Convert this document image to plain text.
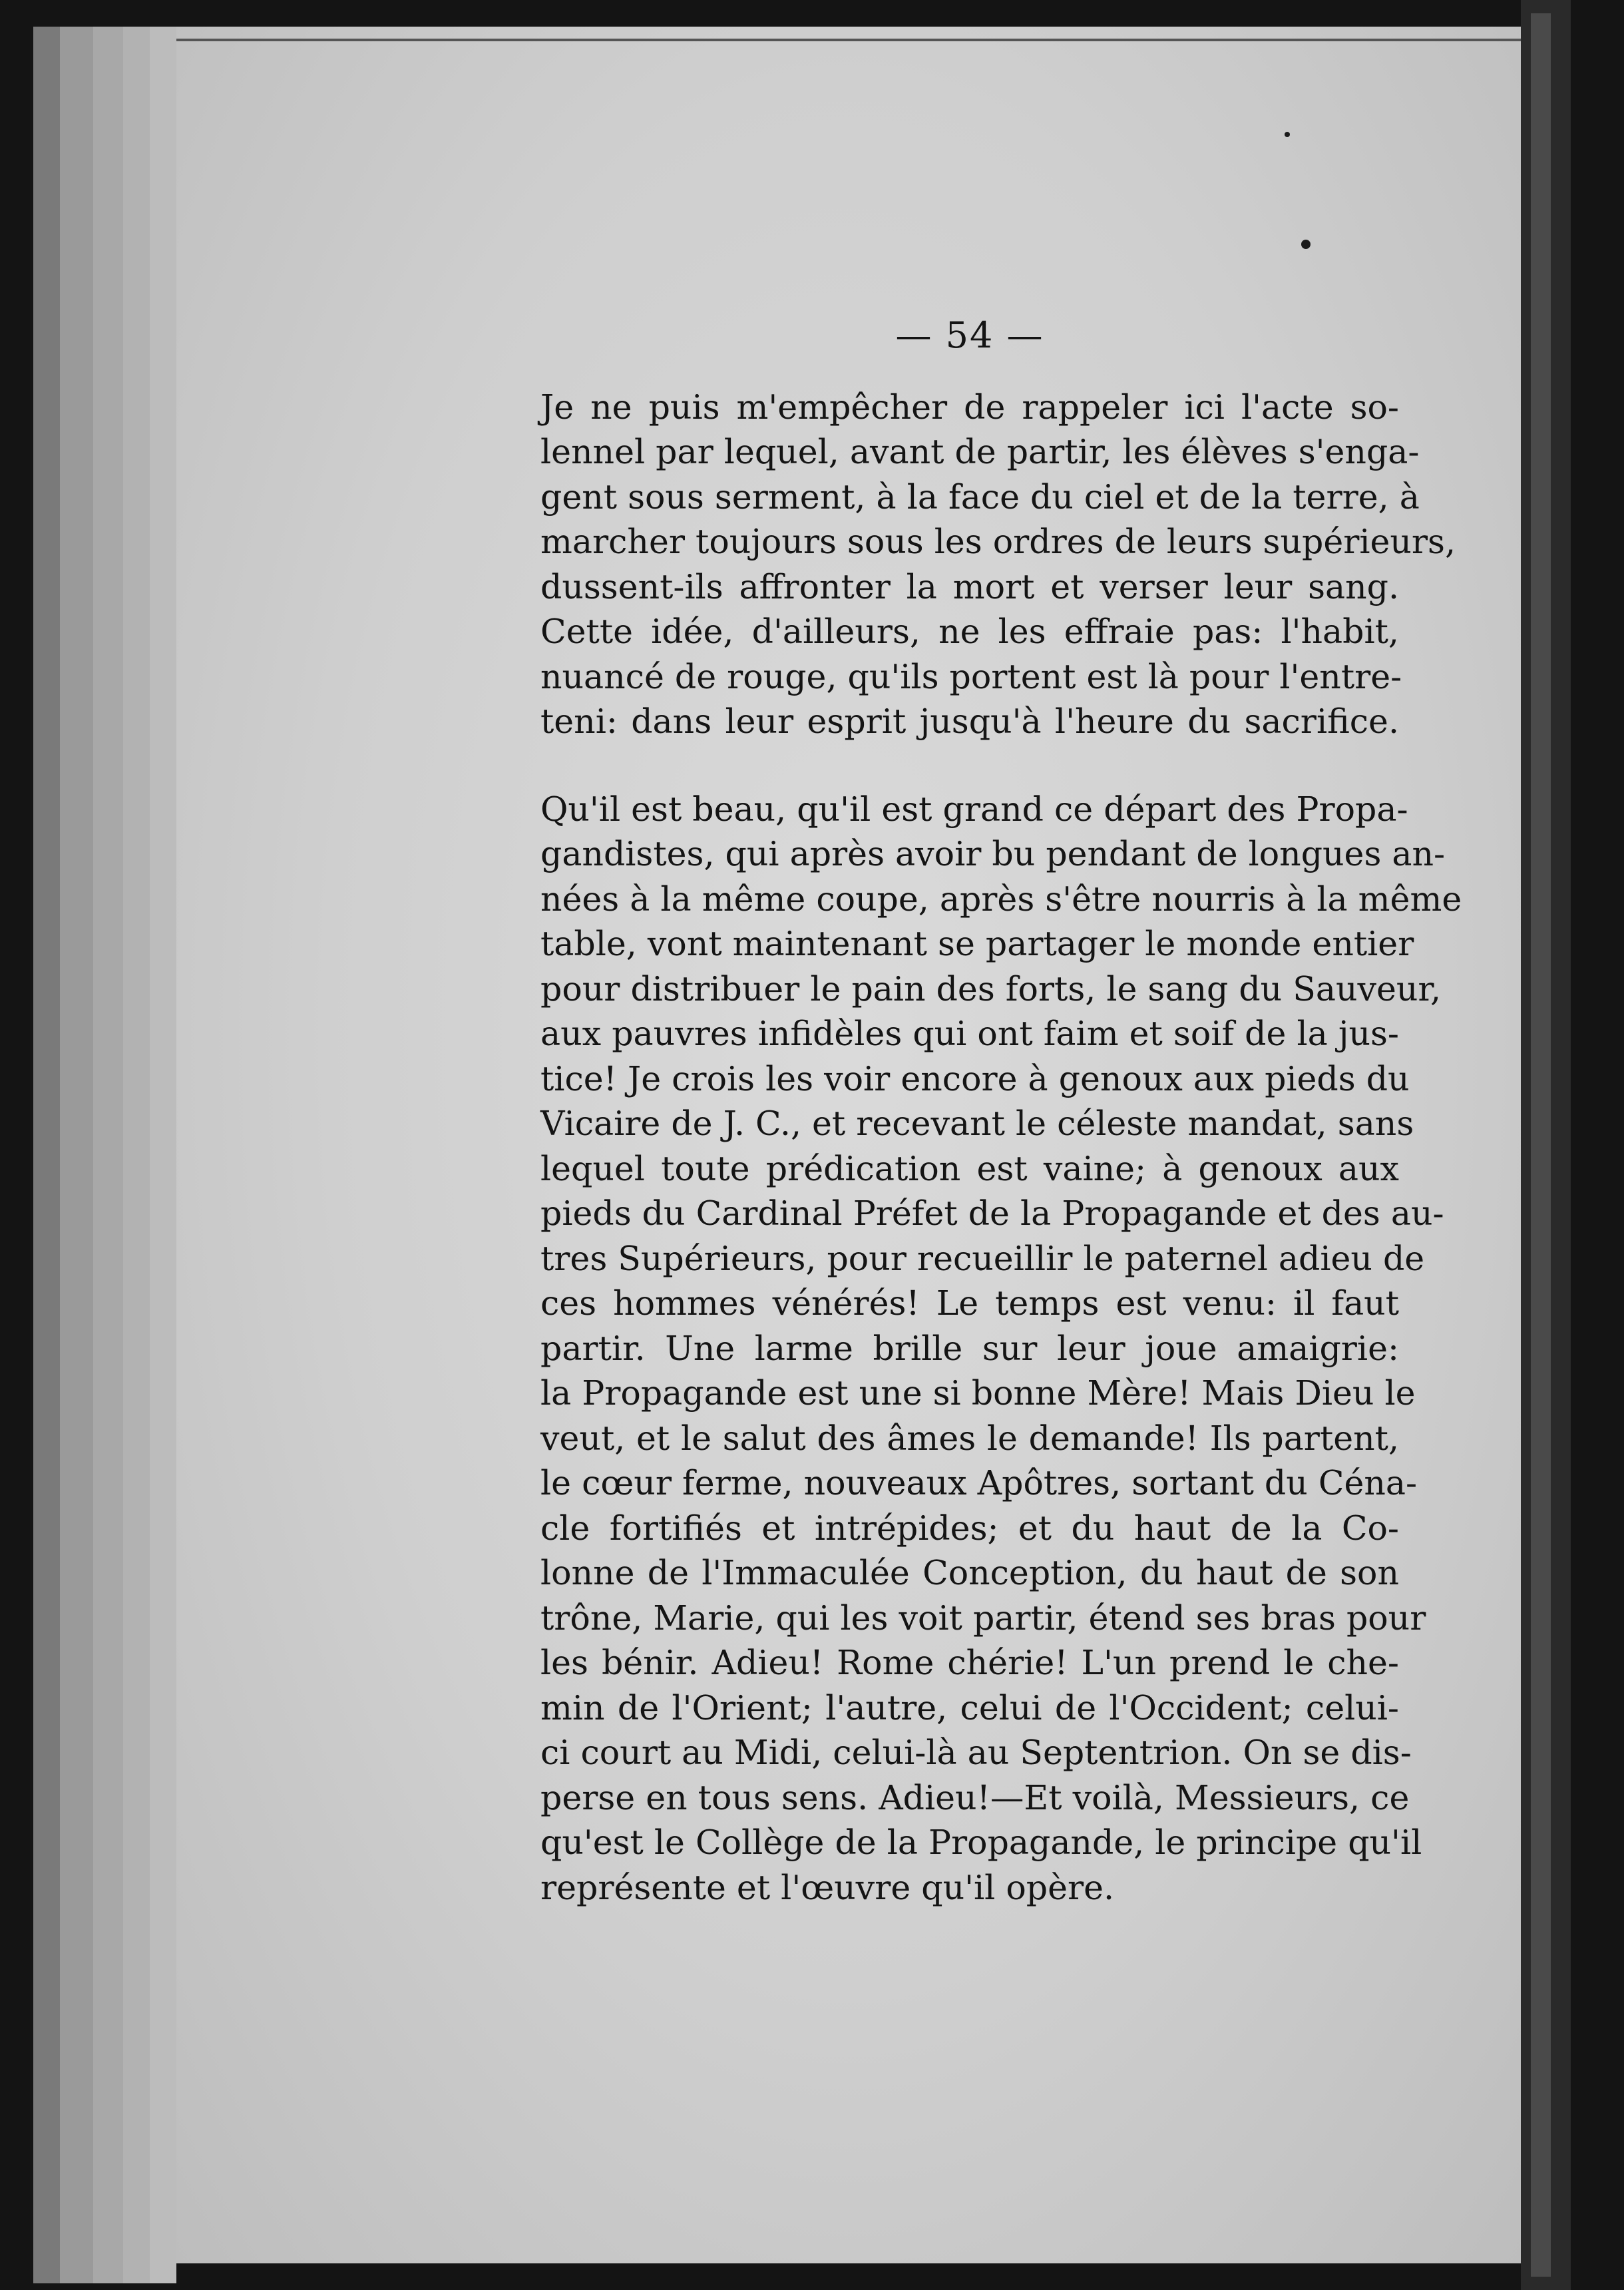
— 54 —

Je ne puis m'empêcher de rappeler ici l'acte so-
lennel par lequel, avant de partir, les élèves s'enga-
gent sous serment, à la face du ciel et de la terre, à
marcher toujours sous les ordres de leurs supérieurs,
dussent-ils affronter la mort et verser leur sang.
Cette idée, d'ailleurs, ne les effraie pas: l'habit,
nuancé de rouge, qu'ils portent est là pour l'entre-
teni: dans leur esprit jusqu'à l'heure du sacrifice.

Qu'il est beau, qu'il est grand ce départ des Propa-
gandistes, qui après avoir bu pendant de longues an-
nées à la même coupe, après s'être nourris à la même
table, vont maintenant se partager le monde entier
pour distribuer le pain des forts, le sang du Sauveur,
aux pauvres infidèles qui ont faim et soif de la jus-
tice! Je crois les voir encore à genoux aux pieds du
Vicaire de J. C., et recevant le céleste mandat, sans
lequel toute prédication est vaine; à genoux aux
pieds du Cardinal Préfet de la Propagande et des au-
tres Supérieurs, pour recueillir le paternel adieu de
ces hommes vénérés! Le temps est venu: il faut
partir. Une larme brille sur leur joue amaigrie:
la Propagande est une si bonne Mère! Mais Dieu le
veut, et le salut des âmes le demande! Ils partent,
le cœur ferme, nouveaux Apôtres, sortant du Céna-
cle fortifiés et intrépides; et du haut de la Co-
lonne de l'Immaculée Conception, du haut de son
trône, Marie, qui les voit partir, étend ses bras pour
les bénir. Adieu! Rome chérie! L'un prend le che-
min de l'Orient; l'autre, celui de l'Occident; celui-
ci court au Midi, celui-là au Septentrion. On se dis-
perse en tous sens. Adieu!—Et voilà, Messieurs, ce
qu'est le Collège de la Propagande, le principe qu'il
représente et l'œuvre qu'il opère.
